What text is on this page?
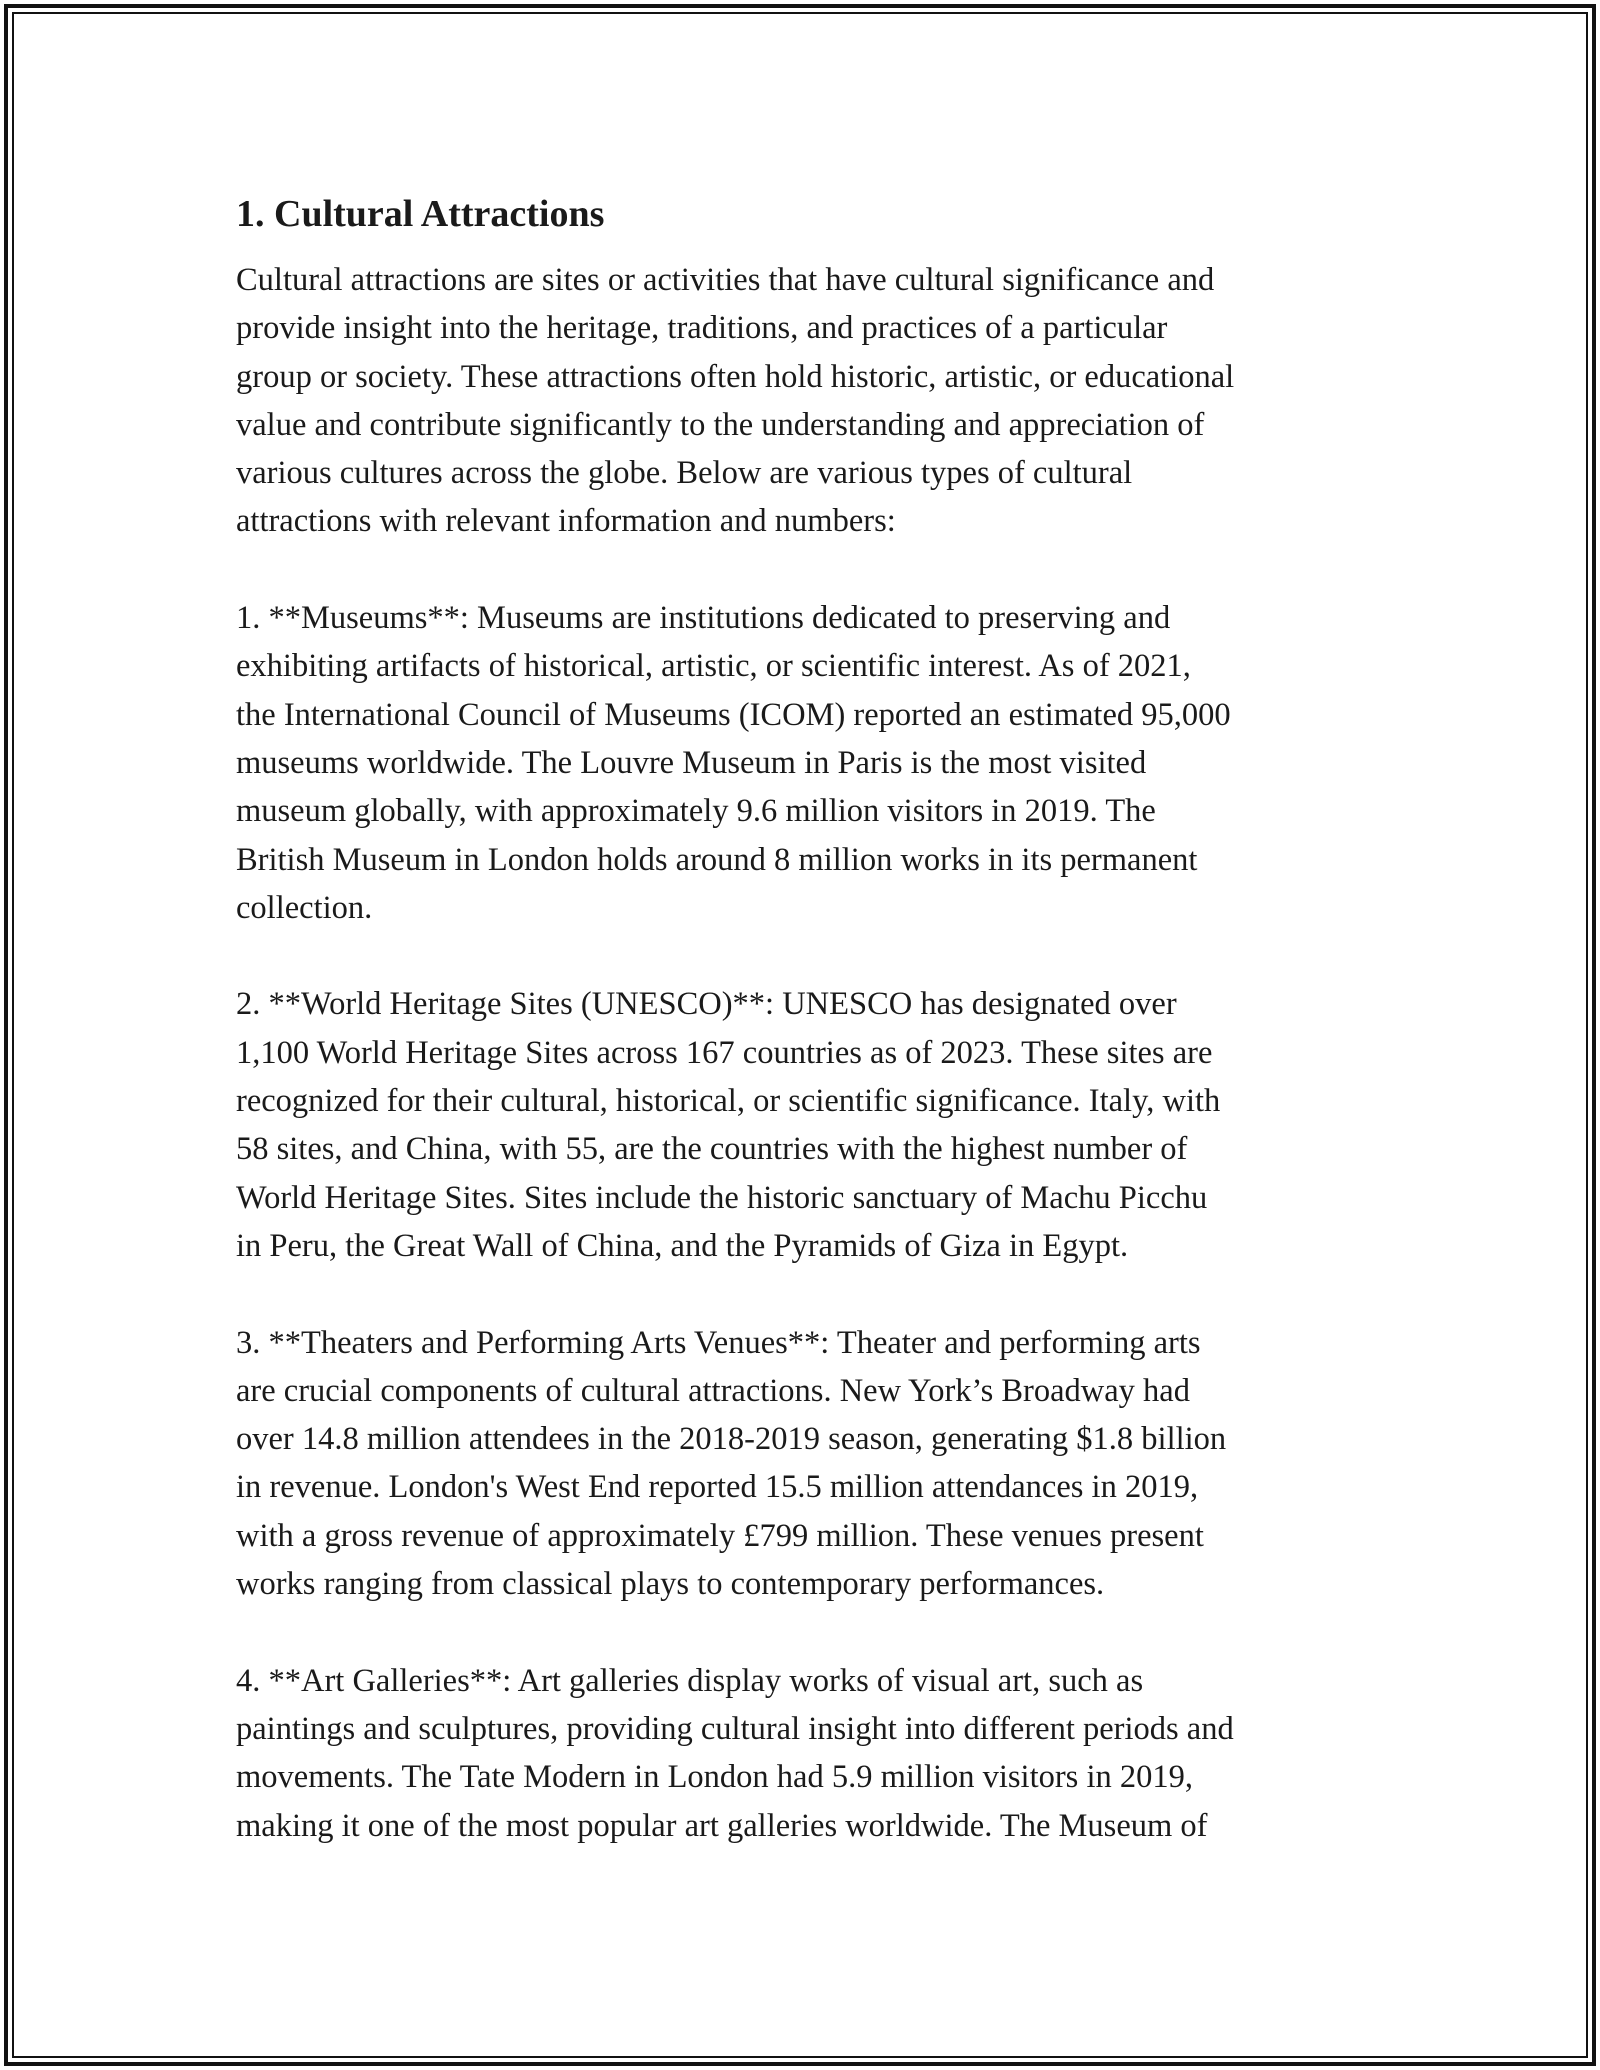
1. Cultural Attractions
Cultural attractions are sites or activities that have cultural significance and
provide insight into the heritage, traditions, and practices of a particular
group or society. These attractions often hold historic, artistic, or educational
value and contribute significantly to the understanding and appreciation of
various cultures across the globe. Below are various types of cultural
attractions with relevant information and numbers:
1. **Museums**: Museums are institutions dedicated to preserving and
exhibiting artifacts of historical, artistic, or scientific interest. As of 2021,
the International Council of Museums (ICOM) reported an estimated 95,000
museums worldwide. The Louvre Museum in Paris is the most visited
museum globally, with approximately 9.6 million visitors in 2019. The
British Museum in London holds around 8 million works in its permanent
collection.
2. **World Heritage Sites (UNESCO)**: UNESCO has designated over
1,100 World Heritage Sites across 167 countries as of 2023. These sites are
recognized for their cultural, historical, or scientific significance. Italy, with
58 sites, and China, with 55, are the countries with the highest number of
World Heritage Sites. Sites include the historic sanctuary of Machu Picchu
in Peru, the Great Wall of China, and the Pyramids of Giza in Egypt.
3. **Theaters and Performing Arts Venues**: Theater and performing arts
are crucial components of cultural attractions. New York’s Broadway had
over 14.8 million attendees in the 2018-2019 season, generating $1.8 billion
in revenue. London's West End reported 15.5 million attendances in 2019,
with a gross revenue of approximately £799 million. These venues present
works ranging from classical plays to contemporary performances.
4. **Art Galleries**: Art galleries display works of visual art, such as
paintings and sculptures, providing cultural insight into different periods and
movements. The Tate Modern in London had 5.9 million visitors in 2019,
making it one of the most popular art galleries worldwide. The Museum of
